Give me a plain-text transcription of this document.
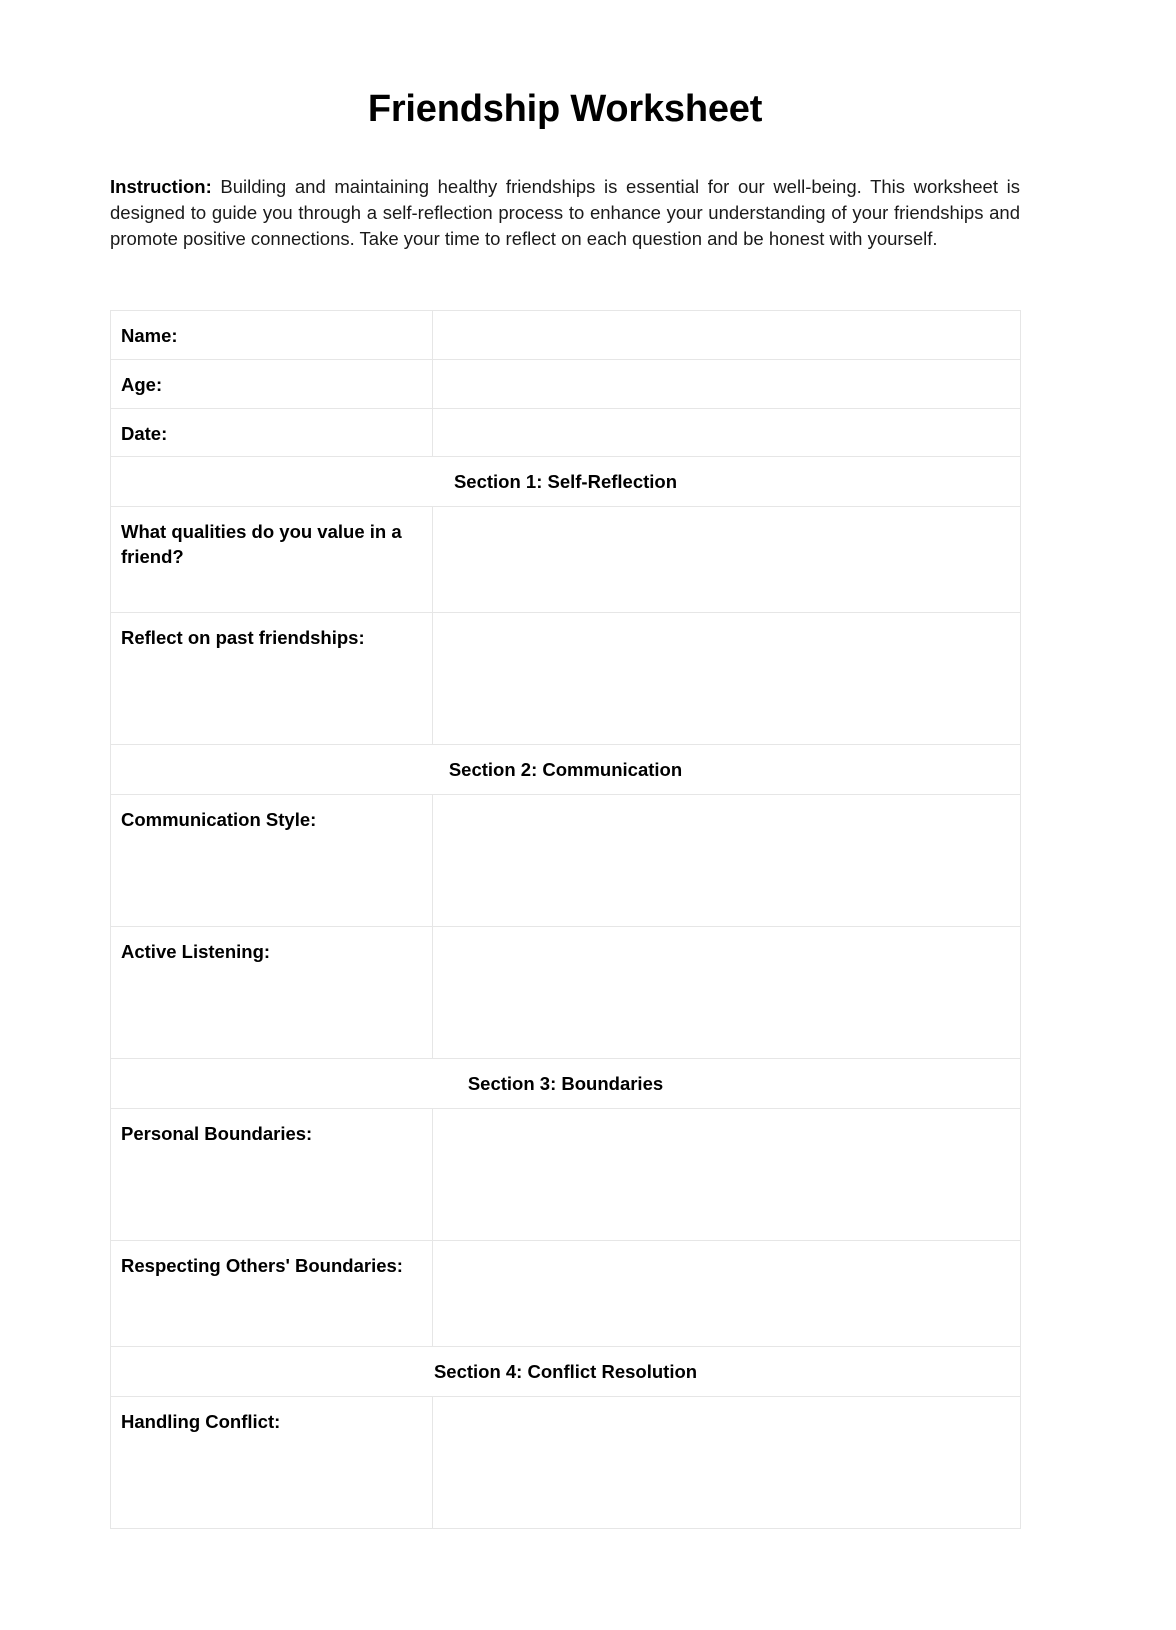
Friendship Worksheet

Instruction: Building and maintaining healthy friendships is essential for our well-being. This worksheet is designed to guide you through a self-reflection process to enhance your understanding of your friendships and promote positive connections. Take your time to reflect on each question and be honest with yourself.

Name:	
Age:	
Date:	
Section 1: Self-Reflection	
What qualities do you value in a friend?	
Reflect on past friendships:	
Section 2: Communication	
Communication Style:	
Active Listening:	
Section 3: Boundaries	
Personal Boundaries:	
Respecting Others' Boundaries:	
Section 4: Conflict Resolution	
Handling Conflict:	
